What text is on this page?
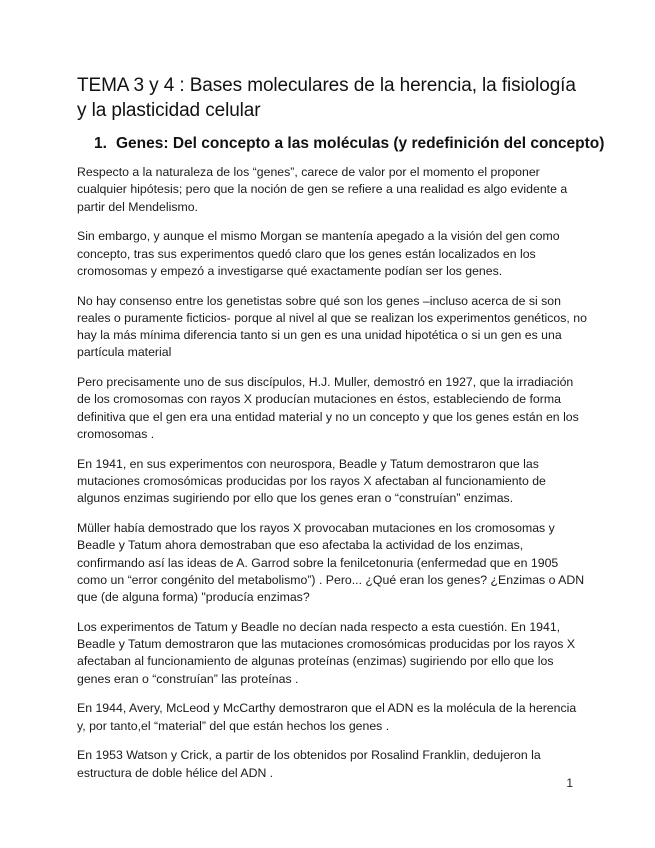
TEMA 3 y 4 : Bases moleculares de la herencia, la fisiología y la plasticidad celular
1. Genes: Del concepto a las moléculas (y redefinición del concepto)

Respecto a la naturaleza de los “genes”, carece de valor por el momento el proponer cualquier hipótesis; pero que la noción de gen se refiere a una realidad es algo evidente a partir del Mendelismo.

Sin embargo, y aunque el mismo Morgan se mantenía apegado a la visión del gen como concepto, tras sus experimentos quedó claro que los genes están localizados en los cromosomas y empezó a investigarse qué exactamente podían ser los genes.

No hay consenso entre los genetistas sobre qué son los genes –incluso acerca de si son reales o puramente ficticios- porque al nivel al que se realizan los experimentos genéticos, no hay la más mínima diferencia tanto si un gen es una unidad hipotética o si un gen es una partícula material

Pero precisamente uno de sus discípulos, H.J. Muller, demostró en 1927, que la irradiación de los cromosomas con rayos X producían mutaciones en éstos, estableciendo de forma definitiva que el gen era una entidad material y no un concepto y que los genes están en los cromosomas .

En 1941, en sus experimentos con neurospora, Beadle y Tatum demostraron que las mutaciones cromosómicas producidas por los rayos X afectaban al funcionamiento de algunos enzimas sugiriendo por ello que los genes eran o “construían” enzimas.

Müller había demostrado que los rayos X provocaban mutaciones en los cromosomas y Beadle y Tatum ahora demostraban que eso afectaba la actividad de los enzimas, confirmando así las ideas de A. Garrod sobre la fenilcetonuria (enfermedad que en 1905 como un “error congénito del metabolismo”) . Pero... ¿Qué eran los genes? ¿Enzimas o ADN que (de alguna forma) "producía enzimas?

Los experimentos de Tatum y Beadle no decían nada respecto a esta cuestión. En 1941, Beadle y Tatum demostraron que las mutaciones cromosómicas producidas por los rayos X afectaban al funcionamiento de algunas proteínas (enzimas) sugiriendo por ello que los genes eran o “construían” las proteínas .

En 1944, Avery, McLeod y McCarthy demostraron que el ADN es la molécula de la herencia y, por tanto,el “material” del que están hechos los genes .

En 1953 Watson y Crick, a partir de los obtenidos por Rosalind Franklin, dedujeron la estructura de doble hélice del ADN .

1
